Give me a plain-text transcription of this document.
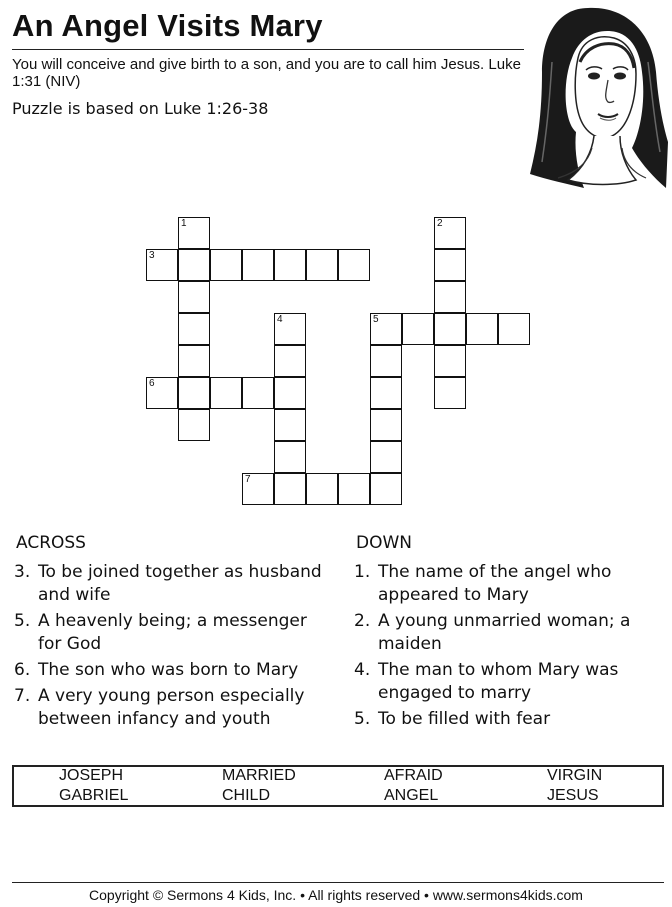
An Angel Visits Mary
You will conceive and give birth to a son, and you are to call him Jesus. Luke 1:31 (NIV)
Puzzle is based on Luke 1:26-38
1
3
2
5
4
6
7
ACROSS
3. To be joined together as husband and wife
5. A heavenly being; a messenger for God
6. The son who was born to Mary
7. A very young person especially between infancy and youth
DOWN
1. The name of the angel who appeared to Mary
2. A young unmarried woman; a maiden
4. The man to whom Mary was engaged to marry
5. To be filled with fear
JOSEPH	MARRIED	AFRAID	VIRGIN
GABRIEL	CHILD	ANGEL	JESUS
Copyright © Sermons 4 Kids, Inc. • All rights reserved • www.sermons4kids.com
